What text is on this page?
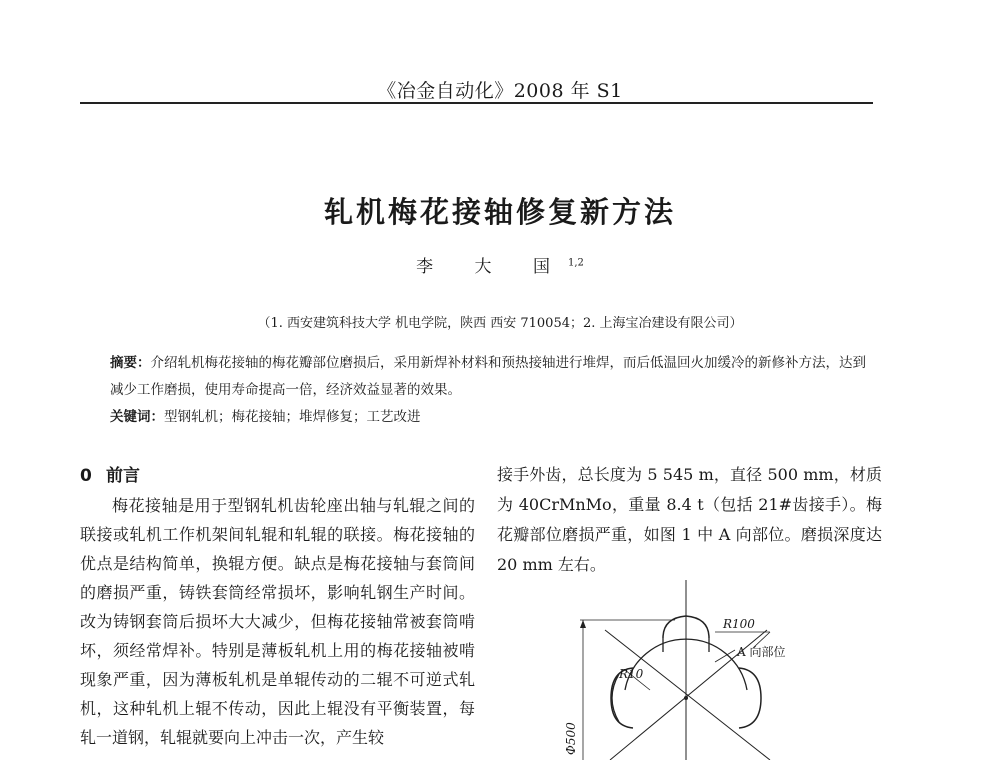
《冶金自动化》2008 年 S1
轧机梅花接轴修复新方法
李 大 国$^{1,2}$
（1. 西安建筑科技大学 机电学院，陕西 西安 710054；2. 上海宝冶建设有限公司）
摘要：介绍轧机梅花接轴的梅花瓣部位磨损后，采用新焊补材料和预热接轴进行堆焊，而后低温回火加缓冷的新修补方法，达到减少工作磨损，使用寿命提高一倍，经济效益显著的效果。
关键词：型钢轧机；梅花接轴；堆焊修复；工艺改进
0 前言

梅花接轴是用于型钢轧机齿轮座出轴与轧辊之间的联接或轧机工作机架间轧辊和轧辊的联接。梅花接轴的优点是结构简单，换辊方便。缺点是梅花接轴与套筒间的磨损严重，铸铁套筒经常损坏，影响轧钢生产时间。改为铸钢套筒后损坏大大减少，但梅花接轴常被套筒啃坏，须经常焊补。特别是薄板轧机上用的梅花接轴被啃现象严重，因为薄板轧机是单辊传动的二辊不可逆式轧机，这种轧机上辊不传动，因此上辊没有平衡装置，每轧一道钢，轧辊就要向上冲击一次，产生较

接手外齿，总长度为 5 545 m，直径 500 mm，材质为 40CrMnMo，重量 8.4 t（包括 21#齿接手）。梅花瓣部位磨损严重，如图 1 中 A 向部位。磨损深度达 20 mm 左右。

R100
A 向部位
R10
Φ500
